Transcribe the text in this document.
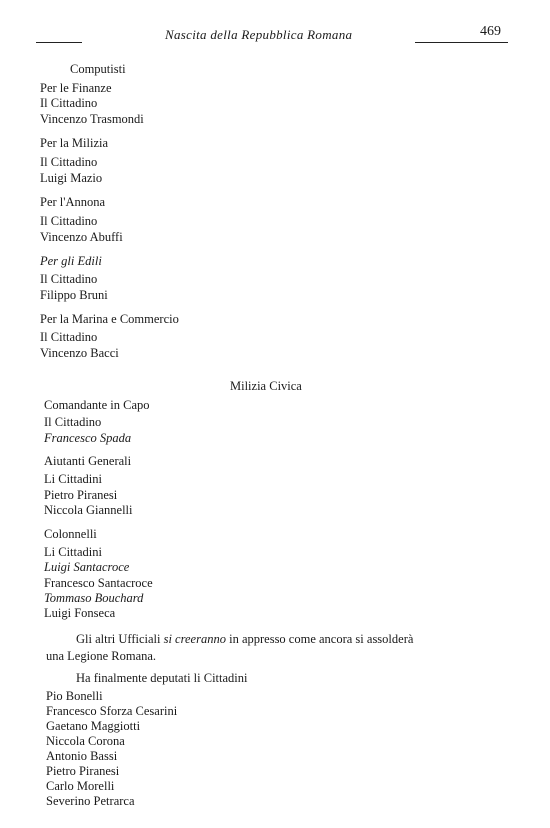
Nascita della Repubblica Romana	469
Computisti
Per le Finanze
Il Cittadino
Vincenzo Trasmondi
Per la Milizia
Il Cittadino
Luigi Mazio
Per l'Annona
Il Cittadino
Vincenzo Abuffi
Per gli Edili
Il Cittadino
Filippo Bruni
Per la Marina e Commercio
Il Cittadino
Vincenzo Bacci
Milizia Civica
Comandante in Capo
Il Cittadino
Francesco Spada
Aiutanti Generali
Li Cittadini
Pietro Piranesi
Niccola Giannelli
Colonnelli
Li Cittadini
Luigi Santacroce
Francesco Santacroce
Tommaso Bouchard
Luigi Fonseca
Gli altri Ufficiali si creeranno in appresso come ancora si assolderà
una Legione Romana.
Ha finalmente deputati li Cittadini
Pio Bonelli
Francesco Sforza Cesarini
Gaetano Maggiotti
Niccola Corona
Antonio Bassi
Pietro Piranesi
Carlo Morelli
Severino Petrarca
